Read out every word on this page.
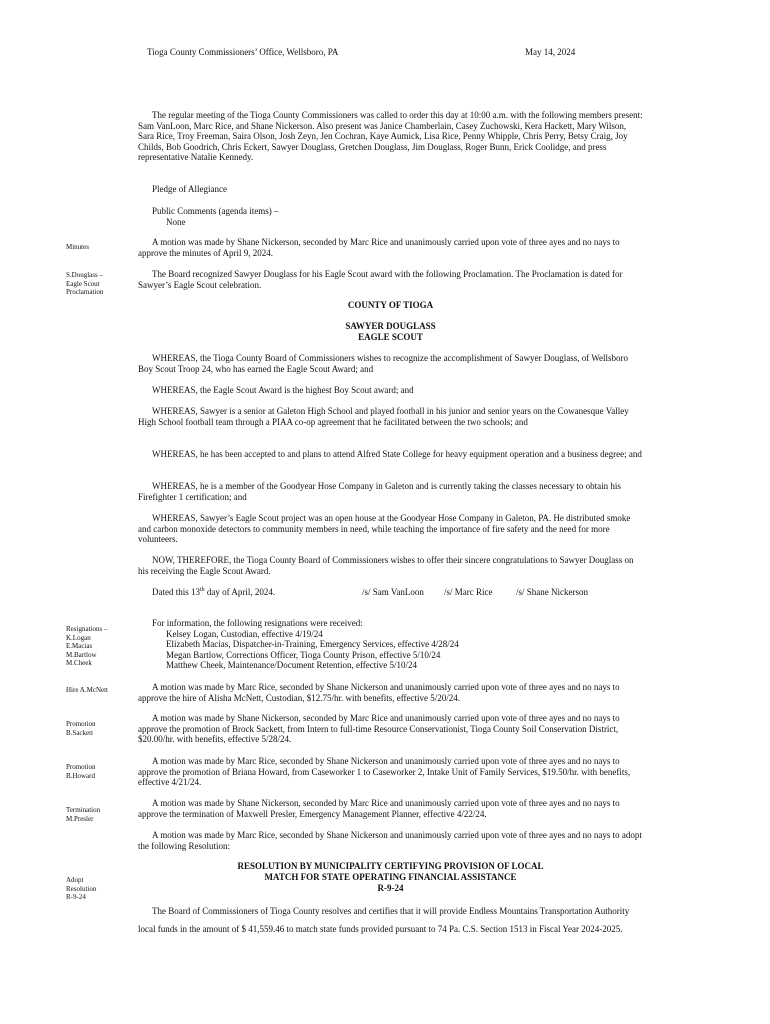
Tioga County Commissioners’ Office, Wellsboro, PA	May 14, 2024

The regular meeting of the Tioga County Commissioners was called to order this day at 10:00 a.m. with the following members present: Sam VanLoon, Marc Rice, and Shane Nickerson. Also present was Janice Chamberlain, Casey Zuchowski, Kera Hackett, Mary Wilson, Sara Rice, Troy Freeman, Saira Olson, Josh Zeyn, Jen Cochran, Kaye Aumick, Lisa Rice, Penny Whipple, Chris Perry, Betsy Craig, Joy Childs, Bob Goodrich, Chris Eckert, Sawyer Douglass, Gretchen Douglass, Jim Douglass, Roger Bunn, Erick Coolidge, and press representative Natalie Kennedy.

Pledge of Allegiance
Public Comments (agenda items) –
None
Minutes	A motion was made by Shane Nickerson, seconded by Marc Rice and unanimously carried upon vote of three ayes and no nays to approve the minutes of April 9, 2024.

S.Douglass –
Eagle Scout
Proclamation

The Board recognized Sawyer Douglass for his Eagle Scout award with the following Proclamation. The Proclamation is dated for Sawyer’s Eagle Scout celebration.

COUNTY OF TIOGA
SAWYER DOUGLASS
EAGLE SCOUT

WHEREAS, the Tioga County Board of Commissioners wishes to recognize the accomplishment of Sawyer Douglass, of Wellsboro Boy Scout Troop 24, who has earned the Eagle Scout Award; and

WHEREAS, the Eagle Scout Award is the highest Boy Scout award; and

WHEREAS, Sawyer is a senior at Galeton High School and played football in his junior and senior years on the Cowanesque Valley High School football team through a PIAA co-op agreement that he facilitated between the two schools; and

WHEREAS, he has been accepted to and plans to attend Alfred State College for heavy equipment operation and a business degree; and

WHEREAS, he is a member of the Goodyear Hose Company in Galeton and is currently taking the classes necessary to obtain his Firefighter 1 certification; and

WHEREAS, Sawyer’s Eagle Scout project was an open house at the Goodyear Hose Company in Galeton, PA. He distributed smoke and carbon monoxide detectors to community members in need, while teaching the importance of fire safety and the need for more volunteers.

NOW, THEREFORE, the Tioga County Board of Commissioners wishes to offer their sincere congratulations to Sawyer Douglass on his receiving the Eagle Scout Award.

Dated this 13th day of April, 2024.	/s/ Sam VanLoon /s/ Marc Rice	/s/ Shane Nickerson
Resignations –
K.Logan
E.Macias
M.Bartlow
M.Cheek
For information, the following resignations were received:
Kelsey Logan, Custodian, effective 4/19/24
Elizabeth Macias, Dispatcher-in-Training, Emergency Services, effective 4/28/24
Megan Bartlow, Corrections Officer, Tioga County Prison, effective 5/10/24
Matthew Cheek, Maintenance/Document Retention, effective 5/10/24
Hire A.McNett	A motion was made by Marc Rice, seconded by Shane Nickerson and unanimously carried upon vote of three ayes and no nays to approve the hire of Alisha McNett, Custodian, $12.75/hr. with benefits, effective 5/20/24.

Promotion
B.Sackett

A motion was made by Shane Nickerson, seconded by Marc Rice and unanimously carried upon vote of three ayes and no nays to approve the promotion of Brock Sackett, from Intern to full-time Resource Conservationist, Tioga County Soil Conservation District, $20.00/hr. with benefits, effective 5/28/24.

Promotion
B.Howard

A motion was made by Marc Rice, seconded by Shane Nickerson and unanimously carried upon vote of three ayes and no nays to approve the promotion of Briana Howard, from Caseworker 1 to Caseworker 2, Intake Unit of Family Services, $19.50/hr. with benefits, effective 4/21/24.

Termination
M.Presler

A motion was made by Shane Nickerson, seconded by Marc Rice and unanimously carried upon vote of three ayes and no nays to approve the termination of Maxwell Presler, Emergency Management Planner, effective 4/22/24.

A motion was made by Marc Rice, seconded by Shane Nickerson and unanimously carried upon vote of three ayes and no nays to adopt the following Resolution:

RESOLUTION BY MUNICIPALITY CERTIFYING PROVISION OF LOCAL
MATCH FOR STATE OPERATING FINANCIAL ASSISTANCE
R-9-24
Adopt
Resolution
R-9-24

The Board of Commissioners of Tioga County resolves and certifies that it will provide Endless Mountains Transportation Authority local funds in the amount of $ 41,559.46 to match state funds provided pursuant to 74 Pa. C.S. Section 1513 in Fiscal Year 2024-2025.
